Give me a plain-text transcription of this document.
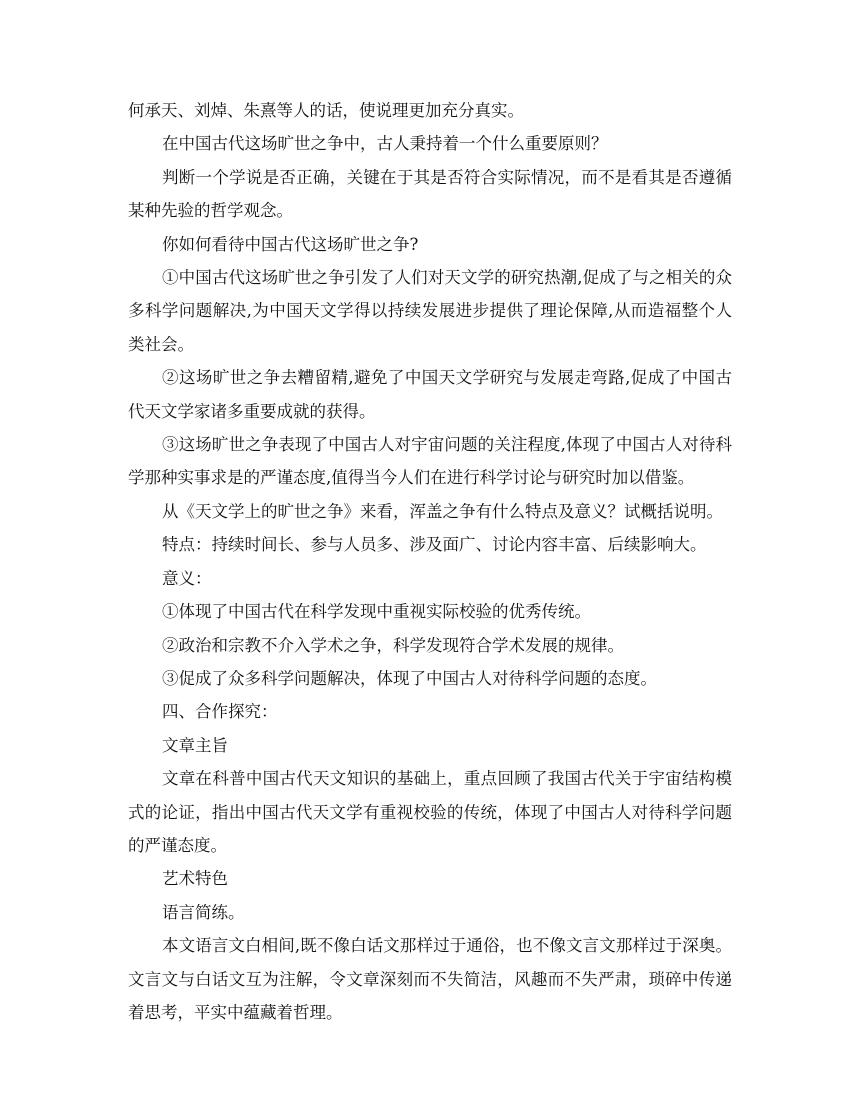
何承天、刘焯、朱熹等人的话，使说理更加充分真实。

在中国古代这场旷世之争中，古人秉持着一个什么重要原则？

判断一个学说是否正确，关键在于其是否符合实际情况，而不是看其是否遵循某种先验的哲学观念。

你如何看待中国古代这场旷世之争?

①中国古代这场旷世之争引发了人们对天文学的研究热潮,促成了与之相关的众多科学问题解决,为中国天文学得以持续发展进步提供了理论保障,从而造福整个人类社会。

②这场旷世之争去糟留精,避免了中国天文学研究与发展走弯路,促成了中国古代天文学家诸多重要成就的获得。

③这场旷世之争表现了中国古人对宇宙问题的关注程度,体现了中国古人对待科学那种实事求是的严谨态度,值得当今人们在进行科学讨论与研究时加以借鉴。

从《天文学上的旷世之争》来看，浑盖之争有什么特点及意义？试概括说明。

特点：持续时间长、参与人员多、涉及面广、讨论内容丰富、后续影响大。

意义：

①体现了中国古代在科学发现中重视实际校验的优秀传统。

②政治和宗教不介入学术之争，科学发现符合学术发展的规律。

③促成了众多科学问题解决，体现了中国古人对待科学问题的态度。

四、合作探究：

文章主旨

文章在科普中国古代天文知识的基础上，重点回顾了我国古代关于宇宙结构模式的论证，指出中国古代天文学有重视校验的传统，体现了中国古人对待科学问题的严谨态度。

艺术特色

语言简练。

本文语言文白相间,既不像白话文那样过于通俗，也不像文言文那样过于深奥。文言文与白话文互为注解，令文章深刻而不失简洁，风趣而不失严肃，琐碎中传递着思考，平实中蕴藏着哲理。
